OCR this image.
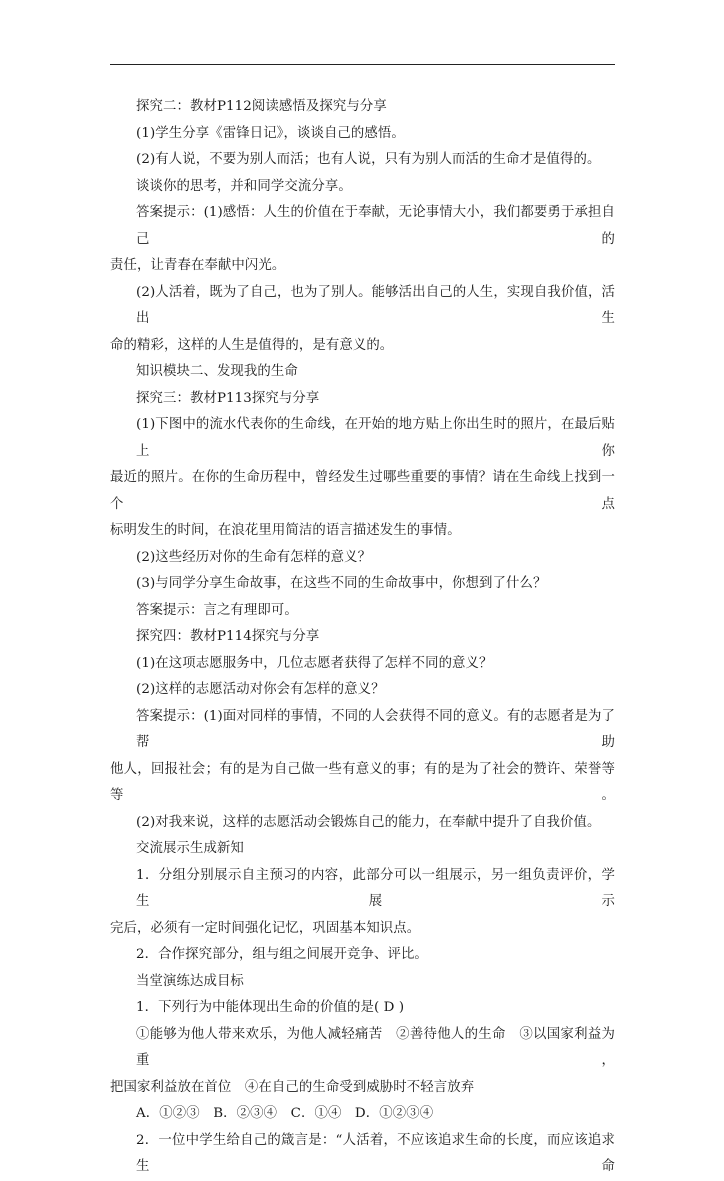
探究二：教材P112阅读感悟及探究与分享

(1)学生分享《雷锋日记》，谈谈自己的感悟。

(2)有人说，不要为别人而活；也有人说，只有为别人而活的生命才是值得的。

谈谈你的思考，并和同学交流分享。

答案提示：(1)感悟：人生的价值在于奉献，无论事情大小，我们都要勇于承担自己的

责任，让青春在奉献中闪光。

(2)人活着，既为了自己，也为了别人。能够活出自己的人生，实现自我价值，活出生

命的精彩，这样的人生是值得的，是有意义的。

知识模块二、发现我的生命

探究三：教材P113探究与分享

(1)下图中的流水代表你的生命线，在开始的地方贴上你出生时的照片，在最后贴上你

最近的照片。在你的生命历程中，曾经发生过哪些重要的事情？请在生命线上找到一个点

标明发生的时间，在浪花里用简洁的语言描述发生的事情。

(2)这些经历对你的生命有怎样的意义？

(3)与同学分享生命故事，在这些不同的生命故事中，你想到了什么？

答案提示：言之有理即可。

探究四：教材P114探究与分享

(1)在这项志愿服务中，几位志愿者获得了怎样不同的意义？

(2)这样的志愿活动对你会有怎样的意义？

答案提示：(1)面对同样的事情，不同的人会获得不同的意义。有的志愿者是为了帮助

他人，回报社会；有的是为自己做一些有意义的事；有的是为了社会的赞许、荣誉等等。

(2)对我来说，这样的志愿活动会锻炼自己的能力，在奉献中提升了自我价值。

交流展示生成新知

1．分组分别展示自主预习的内容，此部分可以一组展示，另一组负责评价，学生展示

完后，必须有一定时间强化记忆，巩固基本知识点。

2．合作探究部分，组与组之间展开竞争、评比。

当堂演练达成目标

1．下列行为中能体现出生命的价值的是( D )

①能够为他人带来欢乐，为他人减轻痛苦　②善待他人的生命　③以国家利益为重，

把国家利益放在首位　④在自己的生命受到威胁时不轻言放弃

A．①②③　B．②③④　C．①④　D．①②③④

2．一位中学生给自己的箴言是：“人活着，不应该追求生命的长度，而应该追求生命
